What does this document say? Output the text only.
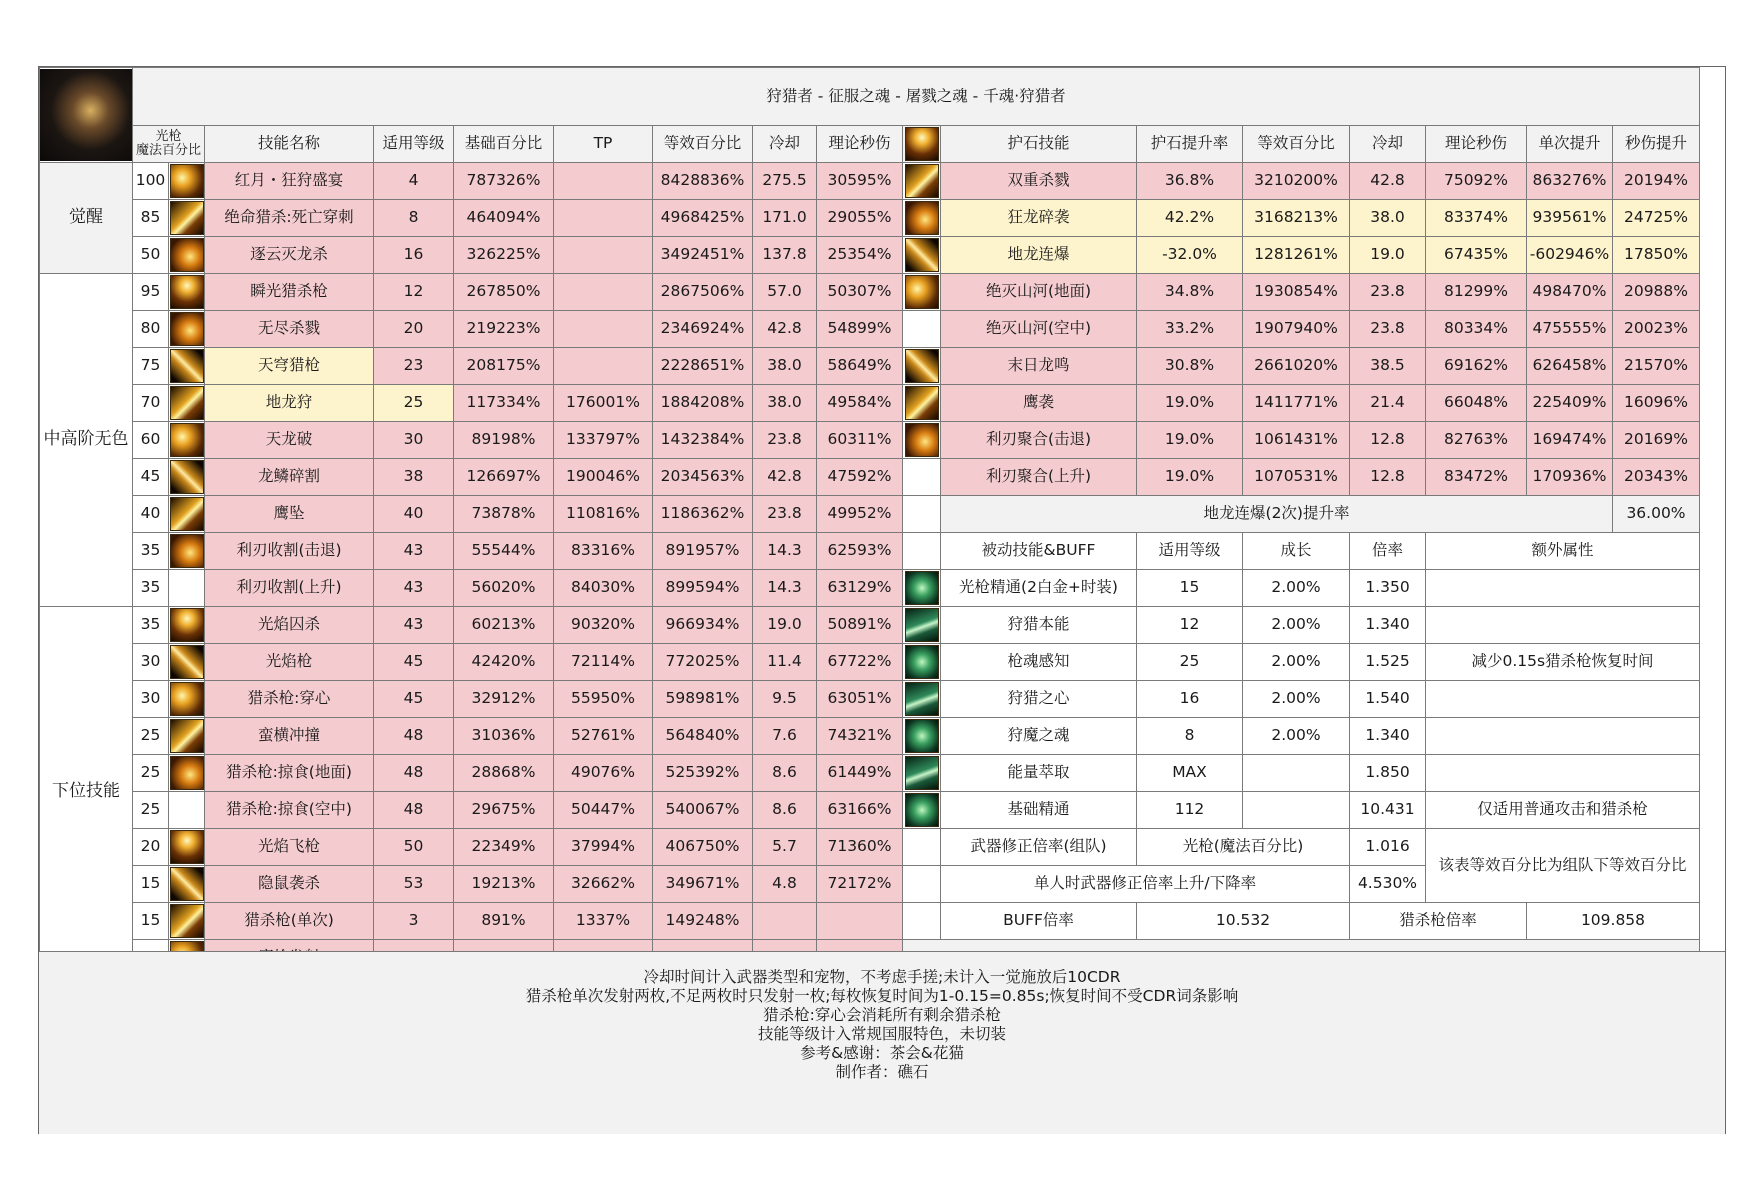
	狩猎者 - 征服之魂 - 屠戮之魂 - 千魂·狩猎者																
	光枪
魔法百分比		技能名称	适用等级	基础百分比	TP	等效百分比	冷却	理论秒伤		护石技能	护石提升率	等效百分比	冷却	理论秒伤	单次提升	秒伤提升
觉醒	100		红月・狂狩盛宴	4	787326%		8428836%	275.5	30595%		双重杀戮	36.8%	3210200%	42.8	75092%	863276%	20194%
	85		绝命猎杀:死亡穿刺	8	464094%		4968425%	171.0	29055%		狂龙碎袭	42.2%	3168213%	38.0	83374%	939561%	24725%
	50		逐云灭龙杀	16	326225%		3492451%	137.8	25354%		地龙连爆	-32.0%	1281261%	19.0	67435%	-602946%	17850%
中高阶无色	95		瞬光猎杀枪	12	267850%		2867506%	57.0	50307%		绝灭山河(地面)	34.8%	1930854%	23.8	81299%	498470%	20988%
	80		无尽杀戮	20	219223%		2346924%	42.8	54899%		绝灭山河(空中)	33.2%	1907940%	23.8	80334%	475555%	20023%
	75		天穹猎枪	23	208175%		2228651%	38.0	58649%		末日龙鸣	30.8%	2661020%	38.5	69162%	626458%	21570%
	70		地龙狩	25	117334%	176001%	1884208%	38.0	49584%		鹰袭	19.0%	1411771%	21.4	66048%	225409%	16096%
	60		天龙破	30	89198%	133797%	1432384%	23.8	60311%		利刃聚合(击退)	19.0%	1061431%	12.8	82763%	169474%	20169%
	45		龙鳞碎割	38	126697%	190046%	2034563%	42.8	47592%		利刃聚合(上升)	19.0%	1070531%	12.8	83472%	170936%	20343%
	40		鹰坠	40	73878%	110816%	1186362%	23.8	49952%		地龙连爆(2次)提升率						36.00%
	35		利刃收割(击退)	43	55544%	83316%	891957%	14.3	62593%		被动技能&BUFF	适用等级	成长	倍率	额外属性		
	35		利刃收割(上升)	43	56020%	84030%	899594%	14.3	63129%		光枪精通(2白金+时装)	15	2.00%	1.350			
下位技能	35		光焰囚杀	43	60213%	90320%	966934%	19.0	50891%		狩猎本能	12	2.00%	1.340			
	30		光焰枪	45	42420%	72114%	772025%	11.4	67722%		枪魂感知	25	2.00%	1.525	减少0.15s猎杀枪恢复时间		
	30		猎杀枪:穿心	45	32912%	55950%	598981%	9.5	63051%		狩猎之心	16	2.00%	1.540			
	25		蛮横冲撞	48	31036%	52761%	564840%	7.6	74321%		狩魔之魂	8	2.00%	1.340			
	25		猎杀枪:掠食(地面)	48	28868%	49076%	525392%	8.6	61449%		能量萃取	MAX		1.850			
	25		猎杀枪:掠食(空中)	48	29675%	50447%	540067%	8.6	63166%		基础精通	112		10.431	仅适用普通攻击和猎杀枪		
	20		光焰飞枪	50	22349%	37994%	406750%	5.7	71360%		武器修正倍率(组队)	光枪(魔法百分比)		1.016	该表等效百分比为组队下等效百分比		
	15		隐鼠袭杀	53	19213%	32662%	349671%	4.8	72172%		单人时武器修正倍率上升/下降率			4.530%			
	15		猎杀枪(单次)	3	891%	1337%	149248%				BUFF倍率	10.532		猎杀枪倍率		109.858	

冷却时间计入武器类型和宠物，不考虑手搓;未计入一觉施放后10CDR
猎杀枪单次发射两枚,不足两枚时只发射一枚;每枚恢复时间为1-0.15=0.85s;恢复时间不受CDR词条影响
猎杀枪:穿心会消耗所有剩余猎杀枪
技能等级计入常规国服特色，未切装
参考&感谢：茶会&花猫
制作者：礁石
